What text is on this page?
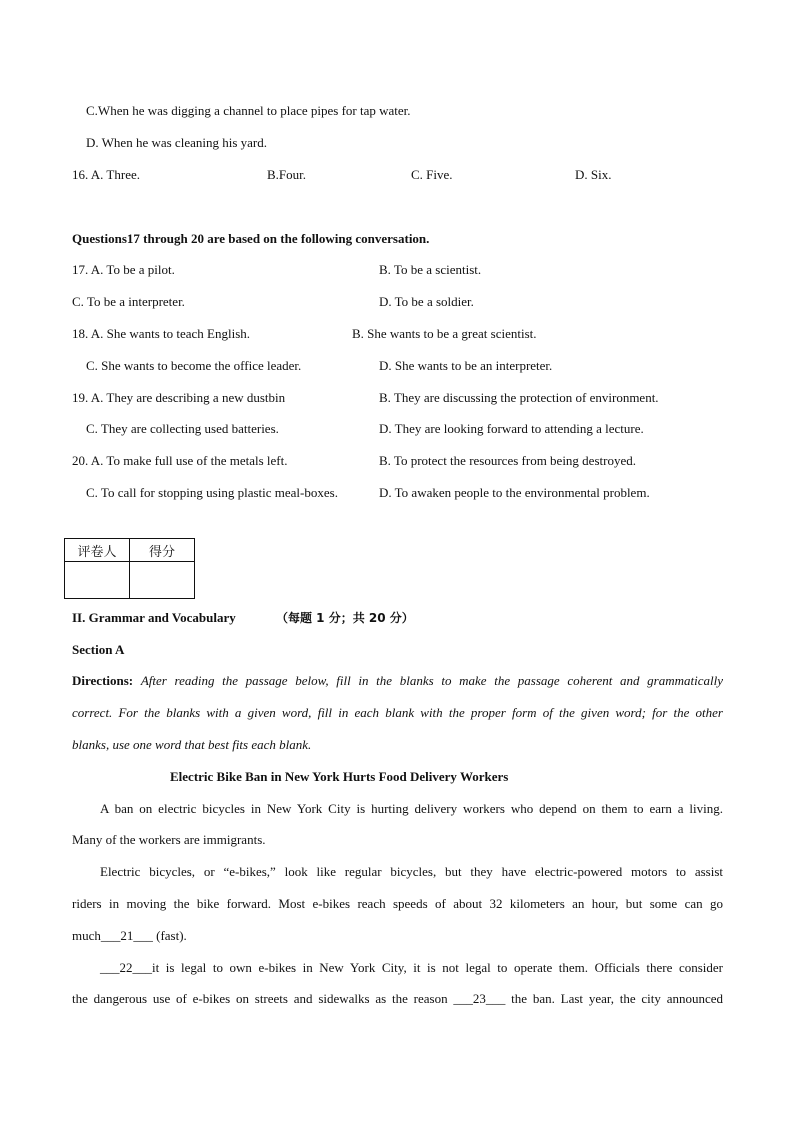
C.When he was digging a channel to place pipes for tap water.
D. When he was cleaning his yard.
16. A. Three.	B.Four.	C. Five.	D. Six.
Questions17 through 20 are based on the following conversation.
17. A. To be a pilot.	B. To be a scientist.
C. To be a interpreter.	D. To be a soldier.
18. A. She wants to teach English.	B. She wants to be a great scientist.
C. She wants to become the office leader.	D. She wants to be an interpreter.
19. A. They are describing a new dustbin	B. They are discussing the protection of environment.
C. They are collecting used batteries.	D. They are looking forward to attending a lecture.
20. A. To make full use of the metals left.	B. To protect the resources from being destroyed.
C. To call for stopping using plastic meal-boxes.	D. To awaken people to the environmental problem.
评卷人	得分

II. Grammar and Vocabulary	（每题 1 分；共 20 分）
Section A
Directions: After reading the passage below, fill in the blanks to make the passage coherent and grammatically
correct. For the blanks with a given word, fill in each blank with the proper form of the given word; for the other
blanks, use one word that best fits each blank.
Electric Bike Ban in New York Hurts Food Delivery Workers
A ban on electric bicycles in New York City is hurting delivery workers who depend on them to earn a living.
Many of the workers are immigrants.
Electric bicycles, or “e-bikes,” look like regular bicycles, but they have electric-powered motors to assist
riders in moving the bike forward. Most e-bikes reach speeds of about 32 kilometers an hour, but some can go
much___21___ (fast).
___22___it is legal to own e-bikes in New York City, it is not legal to operate them. Officials there consider
the dangerous use of e-bikes on streets and sidewalks as the reason ___23___ the ban. Last year, the city announced
